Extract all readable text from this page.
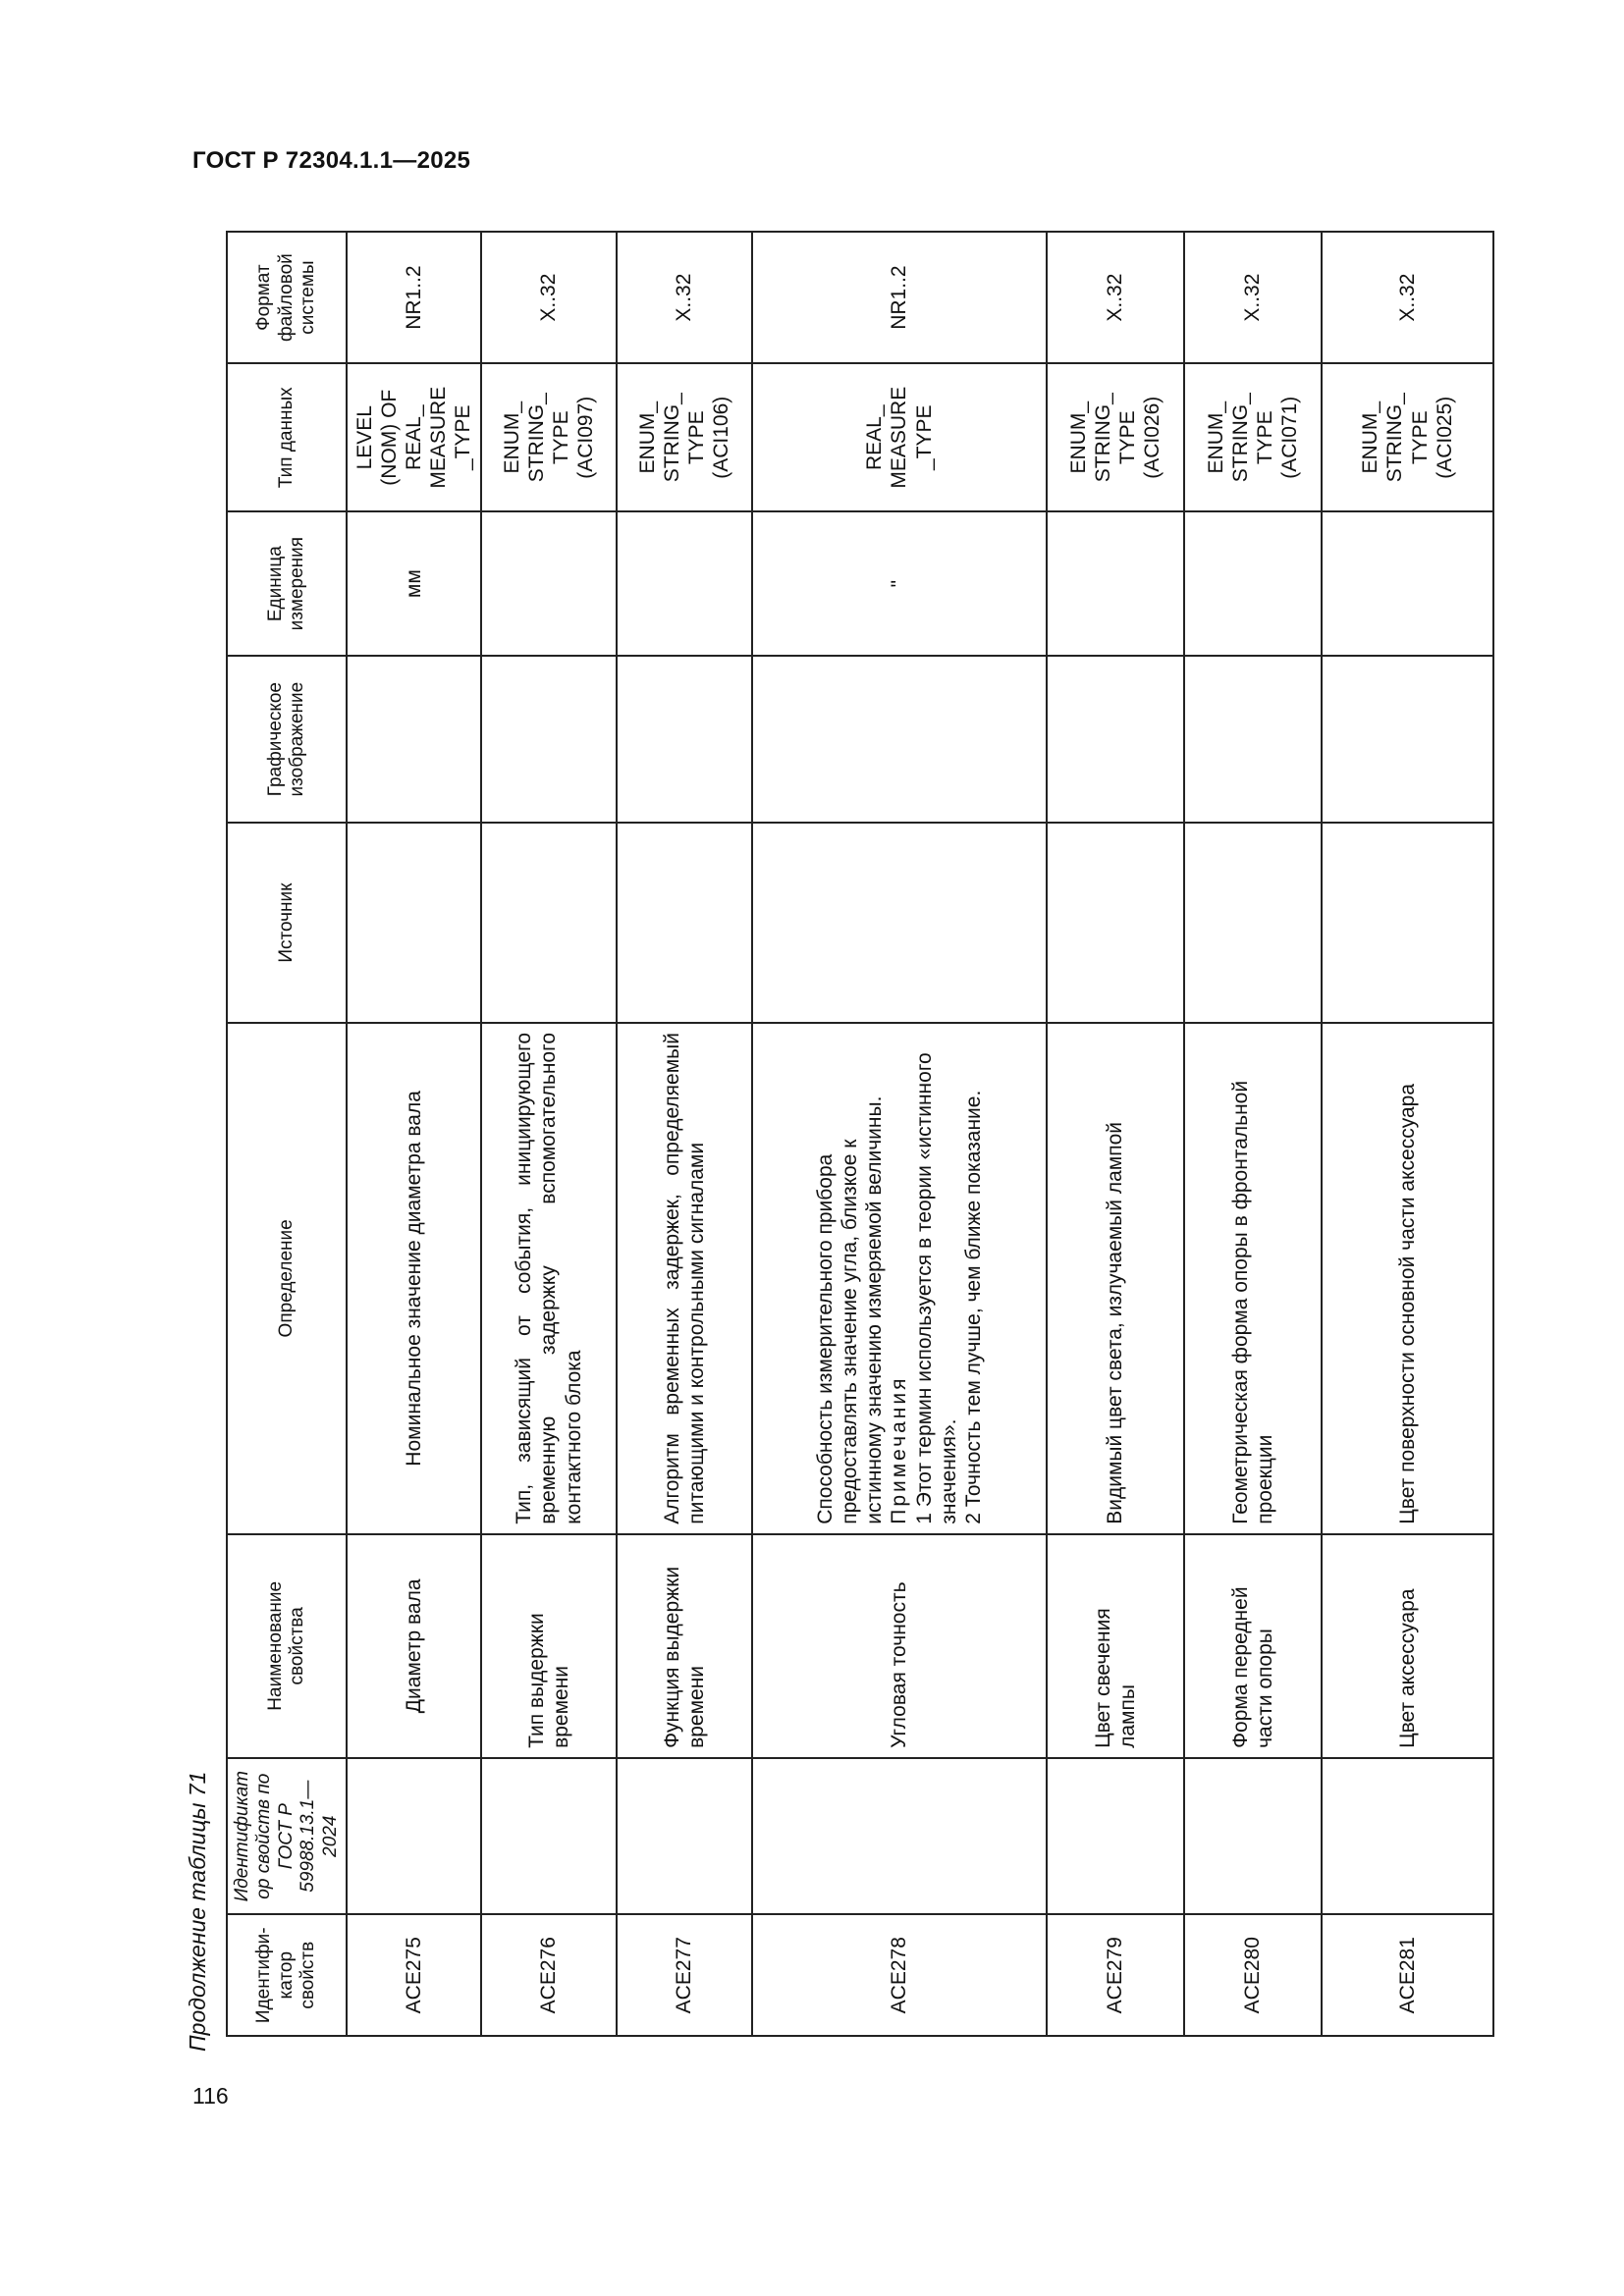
ГОСТ Р 72304.1.1—2025
116
Продолжение таблицы 71 Идентифи-катор свойств	Идентификатор свойств по ГОСТ Р 59988.13.1—2024	Наименование свойства	Определение	Источник	Графическое изображение	Единица измерения	Тип данных	Формат файловой системы
ACE275		Диаметр вала	Номинальное значение диаметра вала			мм	LEVEL (NOM) OF REAL_ MEASURE _TYPE	NR1..2
ACE276		Тип выдержки времени	Тип, зависящий от события, инициирующего временную задержку вспомогательного контактного блока				ENUM_ STRING_ TYPE (ACI097)	X..32
ACE277		Функция выдержки времени	Алгоритм временных задержек, определяемый питающими и контрольными сигналами				ENUM_ STRING_ TYPE (ACI106)	X..32
ACE278		Угловая точность	Способность измерительного прибора предоставлять значение угла, близкое к истинному значению измеряемой величины. Примечания 1 Этот термин используется в теории «истинного значения». 2 Точность тем лучше, чем ближе показание.			"	REAL_ MEASURE _TYPE	NR1..2
ACE279		Цвет свечения лампы	Видимый цвет света, излучаемый лампой				ENUM_ STRING_ TYPE (ACI026)	X..32
ACE280		Форма передней части опоры	Геометрическая форма опоры в фронтальной проекции				ENUM_ STRING_ TYPE (ACI071)	X..32
ACE281		Цвет аксессуара	Цвет поверхности основной части аксессуара				ENUM_ STRING_ TYPE (ACI025)	X..32
